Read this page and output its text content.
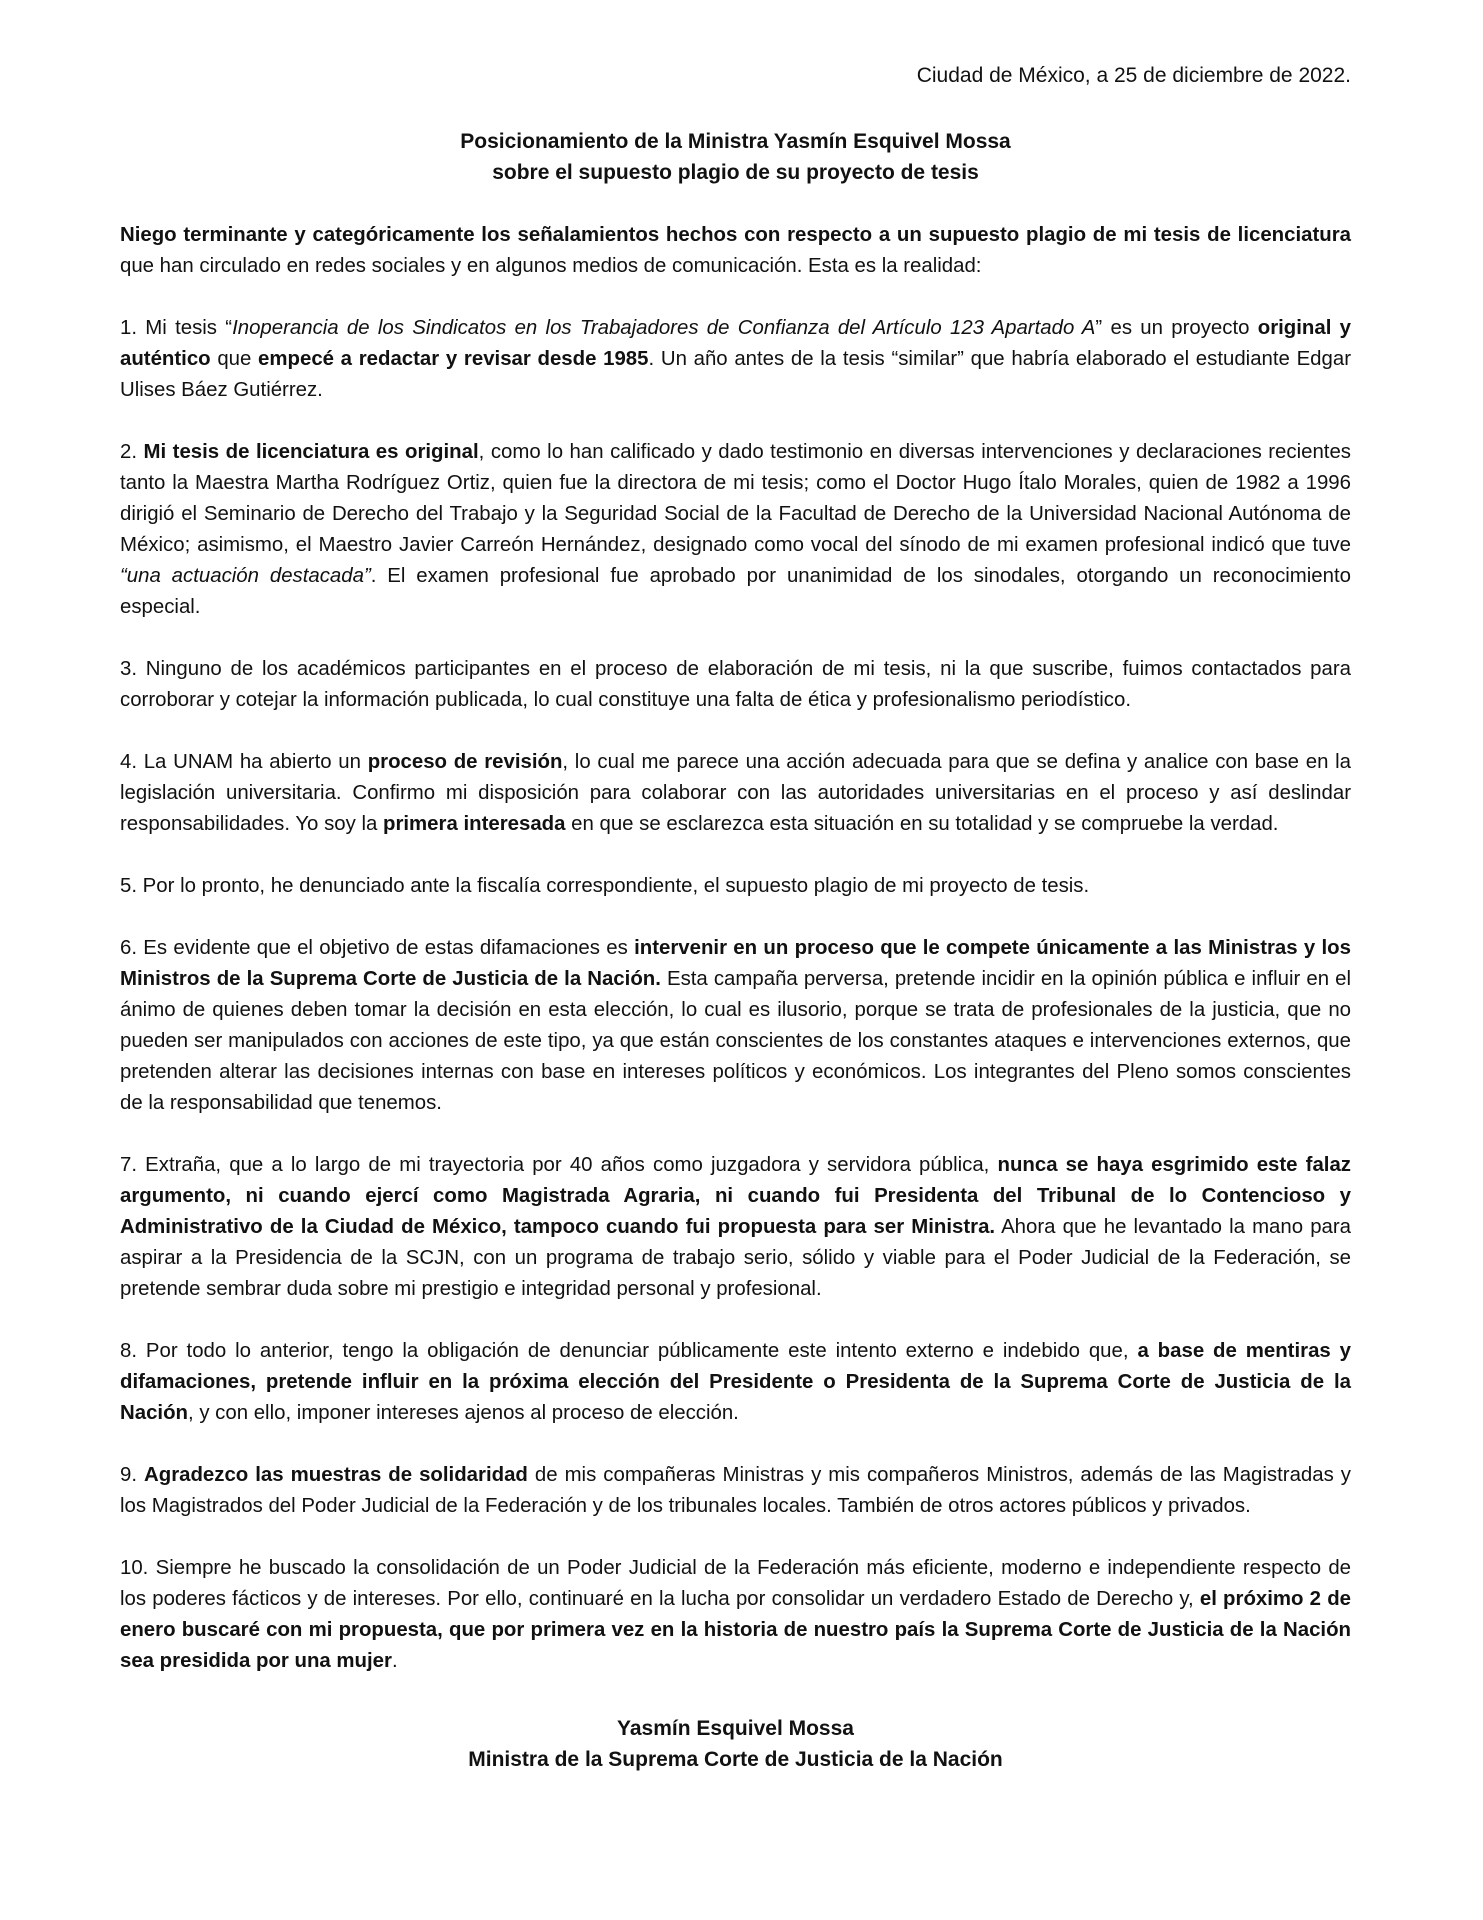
Ciudad de México, a 25 de diciembre de 2022.
Posicionamiento de la Ministra Yasmín Esquivel Mossa
sobre el supuesto plagio de su proyecto de tesis

Niego terminante y categóricamente los señalamientos hechos con respecto a un supuesto plagio de mi tesis de licenciatura que han circulado en redes sociales y en algunos medios de comunicación. Esta es la realidad:

1. Mi tesis “Inoperancia de los Sindicatos en los Trabajadores de Confianza del Artículo 123 Apartado A” es un proyecto original y auténtico que empecé a redactar y revisar desde 1985. Un año antes de la tesis “similar” que habría elaborado el estudiante Edgar Ulises Báez Gutiérrez.

2. Mi tesis de licenciatura es original, como lo han calificado y dado testimonio en diversas intervenciones y declaraciones recientes tanto la Maestra Martha Rodríguez Ortiz, quien fue la directora de mi tesis; como el Doctor Hugo Ítalo Morales, quien de 1982 a 1996 dirigió el Seminario de Derecho del Trabajo y la Seguridad Social de la Facultad de Derecho de la Universidad Nacional Autónoma de México; asimismo, el Maestro Javier Carreón Hernández, designado como vocal del sínodo de mi examen profesional indicó que tuve “una actuación destacada”. El examen profesional fue aprobado por unanimidad de los sinodales, otorgando un reconocimiento especial.

3. Ninguno de los académicos participantes en el proceso de elaboración de mi tesis, ni la que suscribe, fuimos contactados para corroborar y cotejar la información publicada, lo cual constituye una falta de ética y profesionalismo periodístico.

4. La UNAM ha abierto un proceso de revisión, lo cual me parece una acción adecuada para que se defina y analice con base en la legislación universitaria. Confirmo mi disposición para colaborar con las autoridades universitarias en el proceso y así deslindar responsabilidades. Yo soy la primera interesada en que se esclarezca esta situación en su totalidad y se compruebe la verdad.

5. Por lo pronto, he denunciado ante la fiscalía correspondiente, el supuesto plagio de mi proyecto de tesis.

6. Es evidente que el objetivo de estas difamaciones es intervenir en un proceso que le compete únicamente a las Ministras y los Ministros de la Suprema Corte de Justicia de la Nación. Esta campaña perversa, pretende incidir en la opinión pública e influir en el ánimo de quienes deben tomar la decisión en esta elección, lo cual es ilusorio, porque se trata de profesionales de la justicia, que no pueden ser manipulados con acciones de este tipo, ya que están conscientes de los constantes ataques e intervenciones externos, que pretenden alterar las decisiones internas con base en intereses políticos y económicos. Los integrantes del Pleno somos conscientes de la responsabilidad que tenemos.

7. Extraña, que a lo largo de mi trayectoria por 40 años como juzgadora y servidora pública, nunca se haya esgrimido este falaz argumento, ni cuando ejercí como Magistrada Agraria, ni cuando fui Presidenta del Tribunal de lo Contencioso y Administrativo de la Ciudad de México, tampoco cuando fui propuesta para ser Ministra. Ahora que he levantado la mano para aspirar a la Presidencia de la SCJN, con un programa de trabajo serio, sólido y viable para el Poder Judicial de la Federación, se pretende sembrar duda sobre mi prestigio e integridad personal y profesional.

8. Por todo lo anterior, tengo la obligación de denunciar públicamente este intento externo e indebido que, a base de mentiras y difamaciones, pretende influir en la próxima elección del Presidente o Presidenta de la Suprema Corte de Justicia de la Nación, y con ello, imponer intereses ajenos al proceso de elección.

9. Agradezco las muestras de solidaridad de mis compañeras Ministras y mis compañeros Ministros, además de las Magistradas y los Magistrados del Poder Judicial de la Federación y de los tribunales locales. También de otros actores públicos y privados.

10. Siempre he buscado la consolidación de un Poder Judicial de la Federación más eficiente, moderno e independiente respecto de los poderes fácticos y de intereses. Por ello, continuaré en la lucha por consolidar un verdadero Estado de Derecho y, el próximo 2 de enero buscaré con mi propuesta, que por primera vez en la historia de nuestro país la Suprema Corte de Justicia de la Nación sea presidida por una mujer.

Yasmín Esquivel Mossa
Ministra de la Suprema Corte de Justicia de la Nación
